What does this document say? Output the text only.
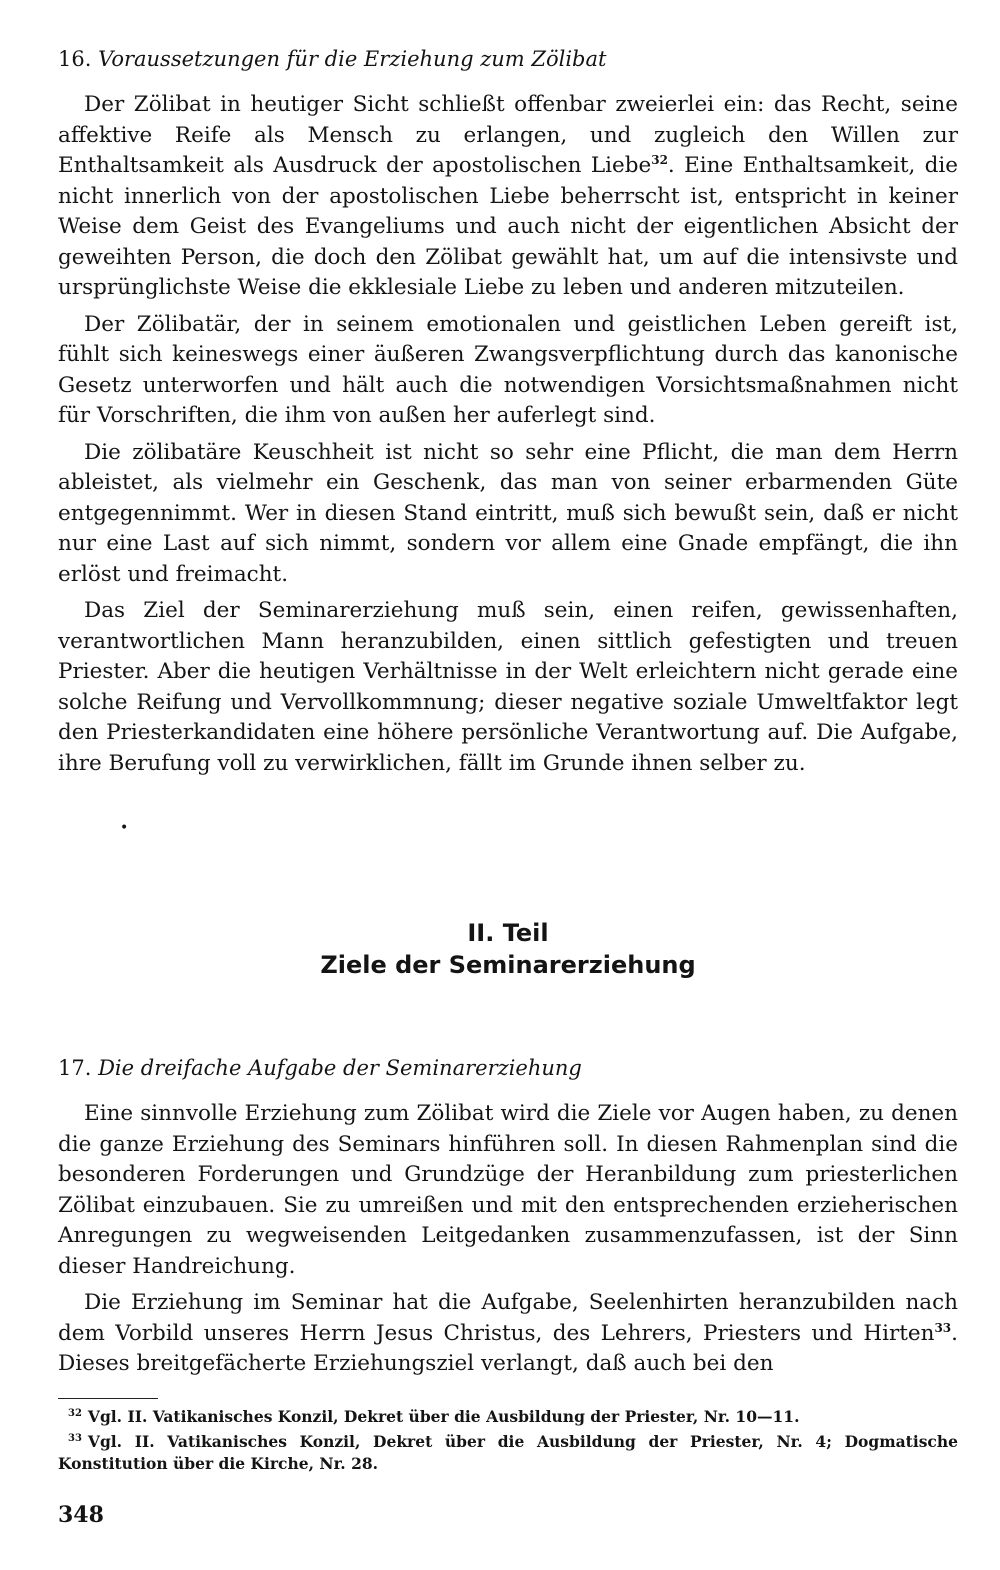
16. Voraussetzungen für die Erziehung zum Zölibat

Der Zölibat in heutiger Sicht schließt offenbar zweierlei ein: das Recht, seine affektive Reife als Mensch zu erlangen, und zugleich den Willen zur Enthaltsamkeit als Ausdruck der apostolischen Liebe$^{32}$. Eine Enthaltsamkeit, die nicht innerlich von der apostolischen Liebe beherrscht ist, entspricht in keiner Weise dem Geist des Evangeliums und auch nicht der eigentlichen Absicht der geweihten Person, die doch den Zölibat gewählt hat, um auf die intensivste und ursprünglichste Weise die ekklesiale Liebe zu leben und anderen mitzuteilen.

Der Zölibatär, der in seinem emotionalen und geistlichen Leben gereift ist, fühlt sich keineswegs einer äußeren Zwangsverpflichtung durch das kanonische Gesetz unterworfen und hält auch die notwendigen Vorsichtsmaßnahmen nicht für Vorschriften, die ihm von außen her auferlegt sind.

Die zölibatäre Keuschheit ist nicht so sehr eine Pflicht, die man dem Herrn ableistet, als vielmehr ein Geschenk, das man von seiner erbarmenden Güte entgegennimmt. Wer in diesen Stand eintritt, muß sich bewußt sein, daß er nicht nur eine Last auf sich nimmt, sondern vor allem eine Gnade empfängt, die ihn erlöst und freimacht.

Das Ziel der Seminarerziehung muß sein, einen reifen, gewissenhaften, verantwortlichen Mann heranzubilden, einen sittlich gefestigten und treuen Priester. Aber die heutigen Verhältnisse in der Welt erleichtern nicht gerade eine solche Reifung und Vervollkommnung; dieser negative soziale Umweltfaktor legt den Priesterkandidaten eine höhere persönliche Verantwortung auf. Die Aufgabe, ihre Berufung voll zu verwirklichen, fällt im Grunde ihnen selber zu.

II. Teil
Ziele der Seminarerziehung
17. Die dreifache Aufgabe der Seminarerziehung

Eine sinnvolle Erziehung zum Zölibat wird die Ziele vor Augen haben, zu denen die ganze Erziehung des Seminars hinführen soll. In diesen Rahmenplan sind die besonderen Forderungen und Grundzüge der Heranbildung zum priesterlichen Zölibat einzubauen. Sie zu umreißen und mit den entsprechenden erzieherischen Anregungen zu wegweisenden Leitgedanken zusammenzufassen, ist der Sinn dieser Handreichung.

Die Erziehung im Seminar hat die Aufgabe, Seelenhirten heranzubilden nach dem Vorbild unseres Herrn Jesus Christus, des Lehrers, Priesters und Hirten$^{33}$. Dieses breitgefächerte Erziehungsziel verlangt, daß auch bei den

$^{32}$ Vgl. II. Vatikanisches Konzil, Dekret über die Ausbildung der Priester, Nr. 10—11.
$^{33}$ Vgl. II. Vatikanisches Konzil, Dekret über die Ausbildung der Priester, Nr. 4; Dogmatische Konstitution über die Kirche, Nr. 28.
•
348
